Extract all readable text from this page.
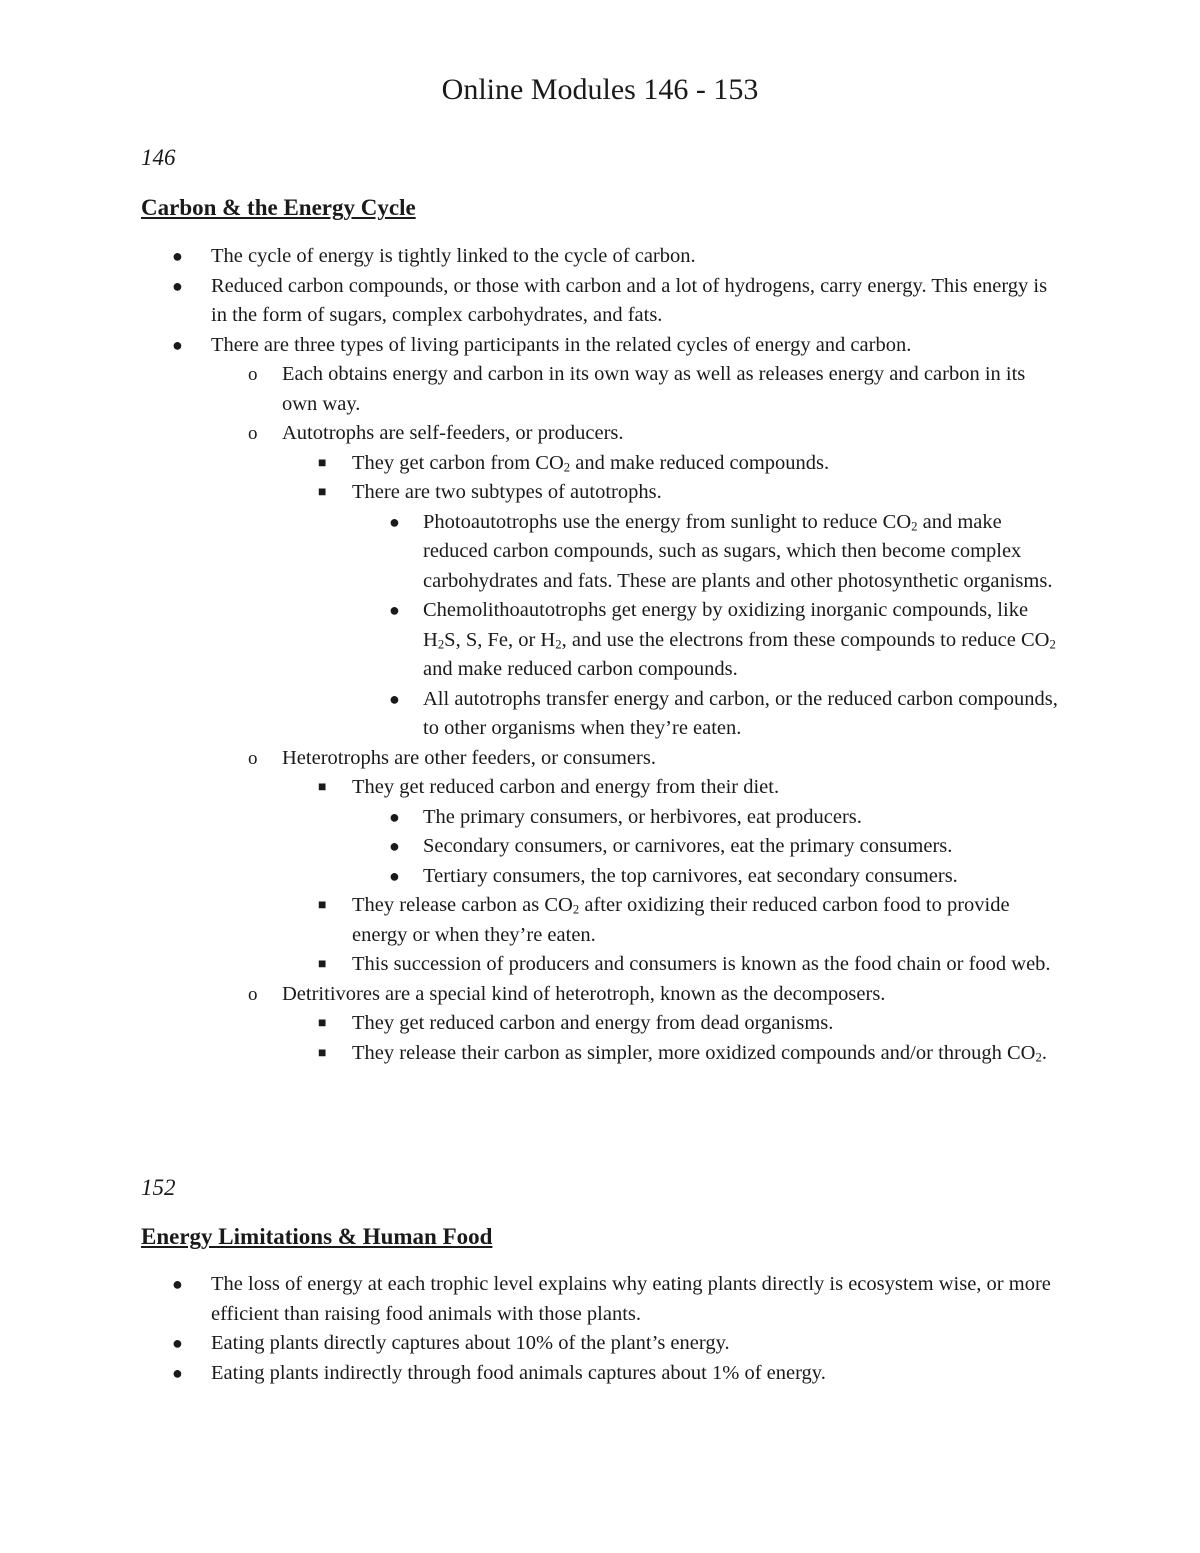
Online Modules 146 - 153
146
Carbon & the Energy Cycle
● The cycle of energy is tightly linked to the cycle of carbon.
● Reduced carbon compounds, or those with carbon and a lot of hydrogens, carry energy. This energy is in the form of sugars, complex carbohydrates, and fats.
● There are three types of living participants in the related cycles of energy and carbon.
o Each obtains energy and carbon in its own way as well as releases energy and carbon in its own way.
o Autotrophs are self-feeders, or producers.
■ They get carbon from $CO_2$ and make reduced compounds.
■ There are two subtypes of autotrophs.
● Photoautotrophs use the energy from sunlight to reduce $CO_2$ and make reduced carbon compounds, such as sugars, which then become complex carbohydrates and fats. These are plants and other photosynthetic organisms.
● Chemolithoautotrophs get energy by oxidizing inorganic compounds, like $H_2S$, S, Fe, or $H_2$, and use the electrons from these compounds to reduce $CO_2$ and make reduced carbon compounds.
● All autotrophs transfer energy and carbon, or the reduced carbon compounds, to other organisms when they’re eaten.
o Heterotrophs are other feeders, or consumers.
■ They get reduced carbon and energy from their diet.
● The primary consumers, or herbivores, eat producers.
● Secondary consumers, or carnivores, eat the primary consumers.
● Tertiary consumers, the top carnivores, eat secondary consumers.
■ They release carbon as $CO_2$ after oxidizing their reduced carbon food to provide energy or when they’re eaten.
■ This succession of producers and consumers is known as the food chain or food web.
o Detritivores are a special kind of heterotroph, known as the decomposers.
■ They get reduced carbon and energy from dead organisms.
■ They release their carbon as simpler, more oxidized compounds and/or through $CO_2$.
152
Energy Limitations & Human Food
● The loss of energy at each trophic level explains why eating plants directly is ecosystem wise, or more efficient than raising food animals with those plants.
● Eating plants directly captures about 10% of the plant’s energy.
● Eating plants indirectly through food animals captures about 1% of energy.
